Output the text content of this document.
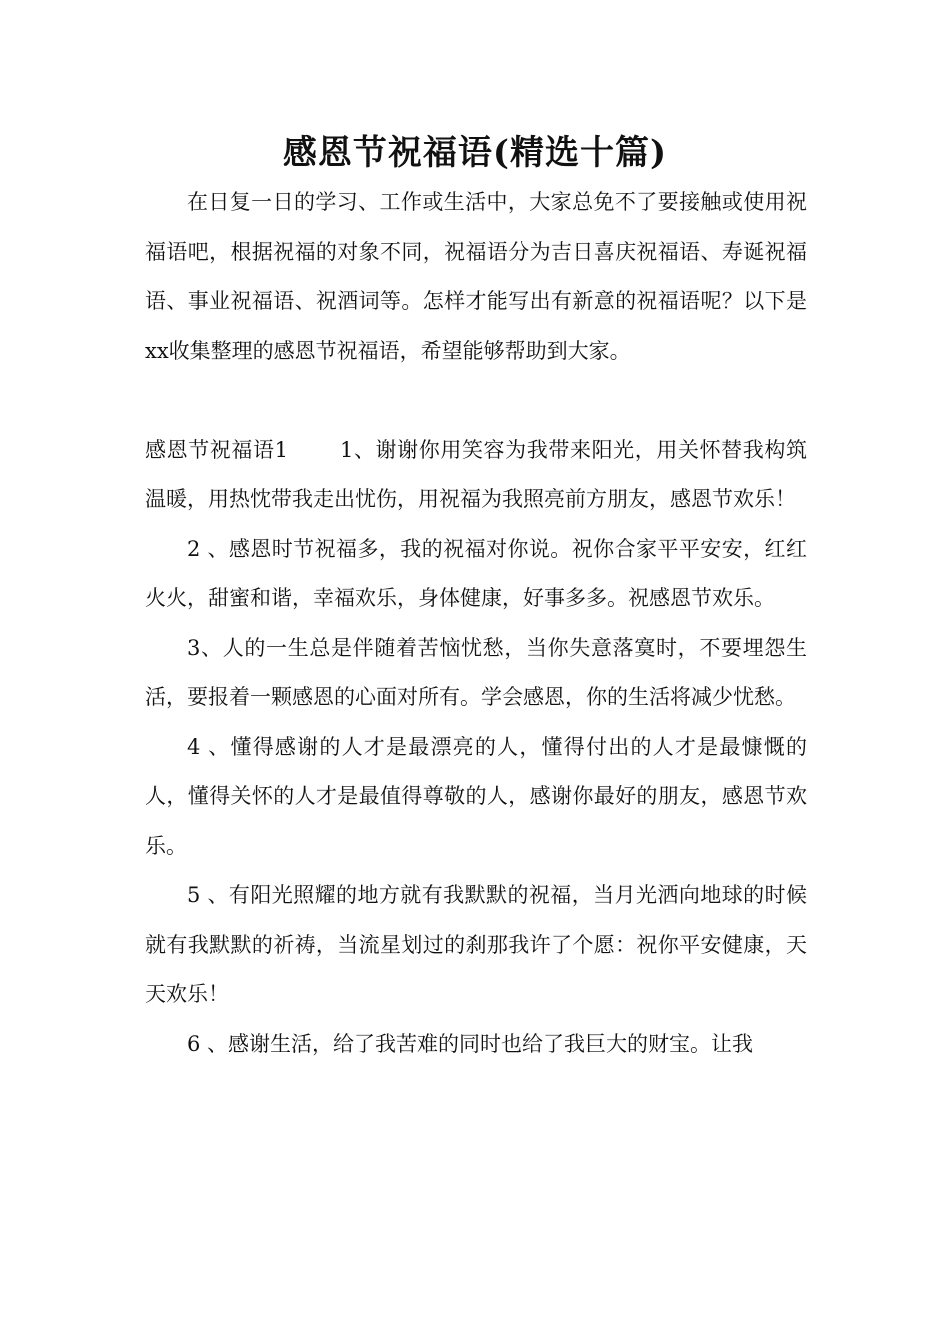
感恩节祝福语(精选十篇)

在日复一日的学习、工作或生活中，大家总免不了要接触或使用祝福语吧，根据祝福的对象不同，祝福语分为吉日喜庆祝福语、寿诞祝福语、事业祝福语、祝酒词等。怎样才能写出有新意的祝福语呢？以下是xx收集整理的感恩节祝福语，希望能够帮助到大家。

感恩节祝福语1 1、谢谢你用笑容为我带来阳光，用关怀替我构筑温暖，用热忱带我走出忧伤，用祝福为我照亮前方朋友，感恩节欢乐！

2 、感恩时节祝福多，我的祝福对你说。祝你合家平平安安，红红火火，甜蜜和谐，幸福欢乐，身体健康，好事多多。祝感恩节欢乐。

3、人的一生总是伴随着苦恼忧愁，当你失意落寞时，不要埋怨生活，要报着一颗感恩的心面对所有。学会感恩，你的生活将减少忧愁。

4 、懂得感谢的人才是最漂亮的人，懂得付出的人才是最慷慨的人，懂得关怀的人才是最值得尊敬的人，感谢你最好的朋友，感恩节欢乐。

5 、有阳光照耀的地方就有我默默的祝福，当月光洒向地球的时候就有我默默的祈祷，当流星划过的刹那我许了个愿：祝你平安健康，天天欢乐！

6 、感谢生活，给了我苦难的同时也给了我巨大的财宝。让我
